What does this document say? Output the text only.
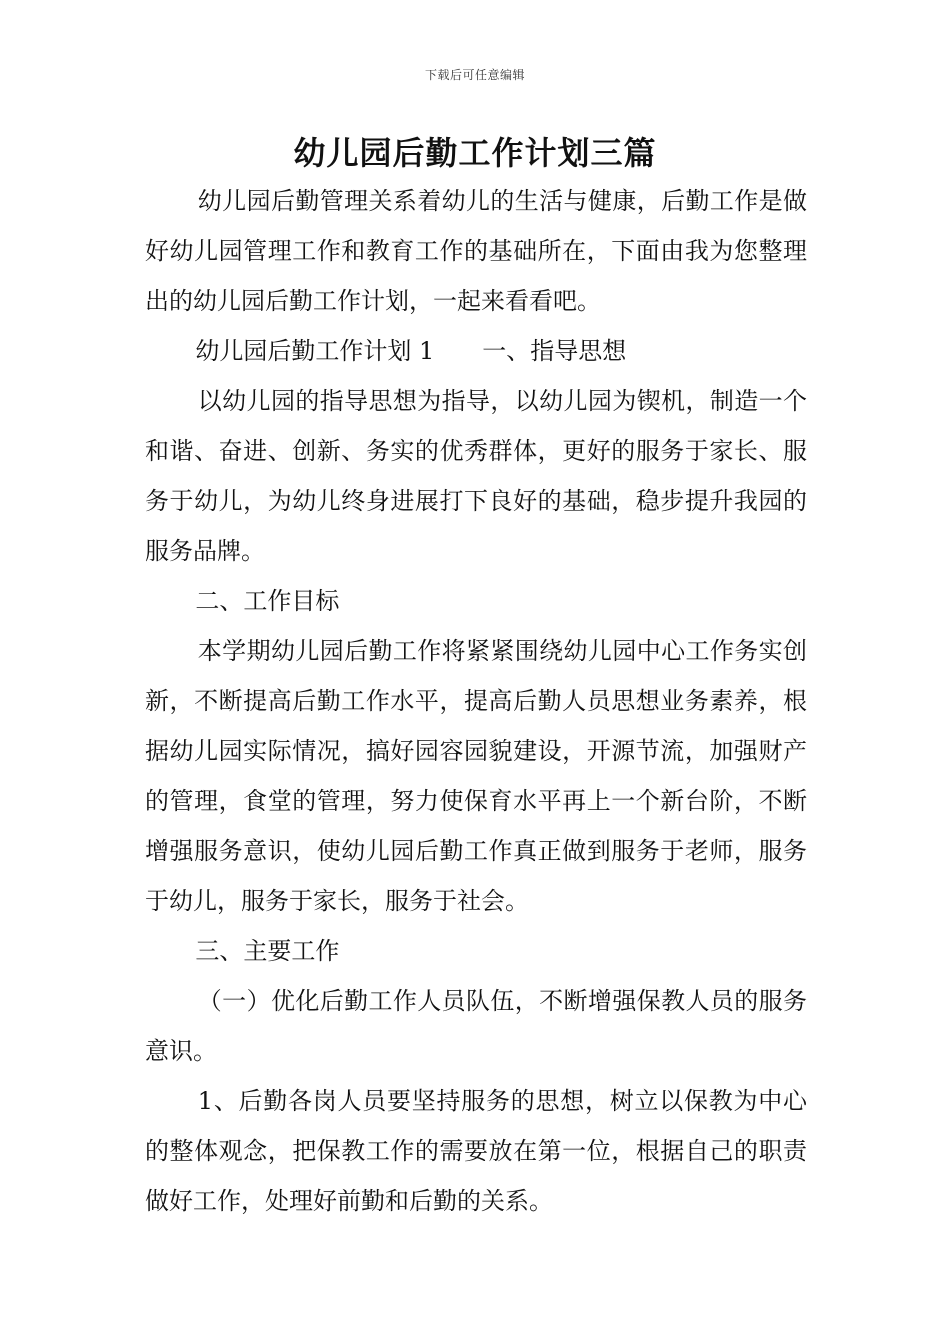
下载后可任意编辑
幼儿园后勤工作计划三篇

幼儿园后勤管理关系着幼儿的生活与健康，后勤工作是做好幼儿园管理工作和教育工作的基础所在，下面由我为您整理出的幼儿园后勤工作计划，一起来看看吧。

幼儿园后勤工作计划 1 一、指导思想

以幼儿园的指导思想为指导，以幼儿园为锲机，制造一个和谐、奋进、创新、务实的优秀群体，更好的服务于家长、服务于幼儿，为幼儿终身进展打下良好的基础，稳步提升我园的服务品牌。

二、工作目标

本学期幼儿园后勤工作将紧紧围绕幼儿园中心工作务实创新，不断提高后勤工作水平，提高后勤人员思想业务素养，根据幼儿园实际情况，搞好园容园貌建设，开源节流，加强财产的管理，食堂的管理，努力使保育水平再上一个新台阶，不断增强服务意识，使幼儿园后勤工作真正做到服务于老师，服务于幼儿，服务于家长，服务于社会。

三、主要工作

（一）优化后勤工作人员队伍，不断增强保教人员的服务意识。

1、后勤各岗人员要坚持服务的思想，树立以保教为中心的整体观念，把保教工作的需要放在第一位，根据自己的职责做好工作，处理好前勤和后勤的关系。
